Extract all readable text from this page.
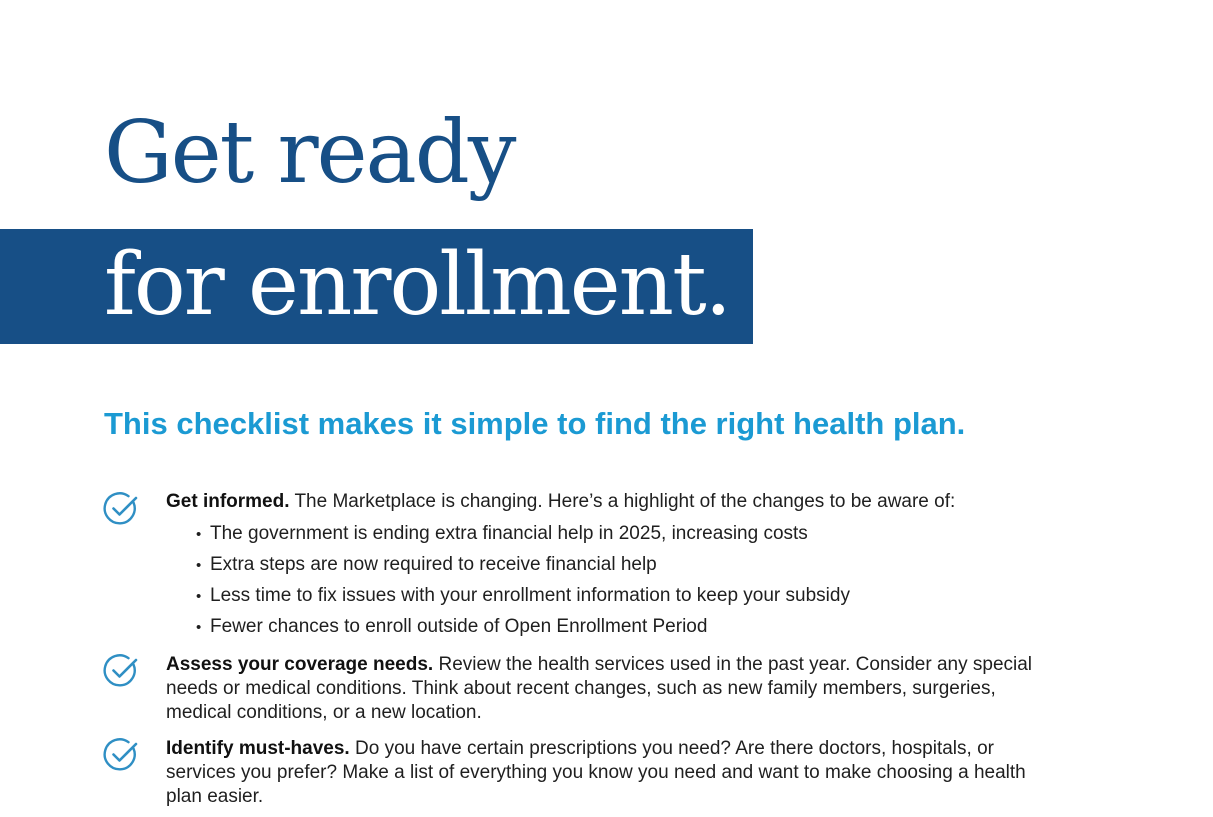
Get ready
for enrollment.
This checklist makes it simple to find the right health plan.
Get informed. The Marketplace is changing. Here’s a highlight of the changes to be aware of:
• The government is ending extra financial help in 2025, increasing costs
• Extra steps are now required to receive financial help
• Less time to fix issues with your enrollment information to keep your subsidy
• Fewer chances to enroll outside of Open Enrollment Period
Assess your coverage needs. Review the health services used in the past year. Consider any special needs or medical conditions. Think about recent changes, such as new family members, surgeries, medical conditions, or a new location.
Identify must-haves. Do you have certain prescriptions you need? Are there doctors, hospitals, or services you prefer? Make a list of everything you know you need and want to make choosing a health plan easier.
